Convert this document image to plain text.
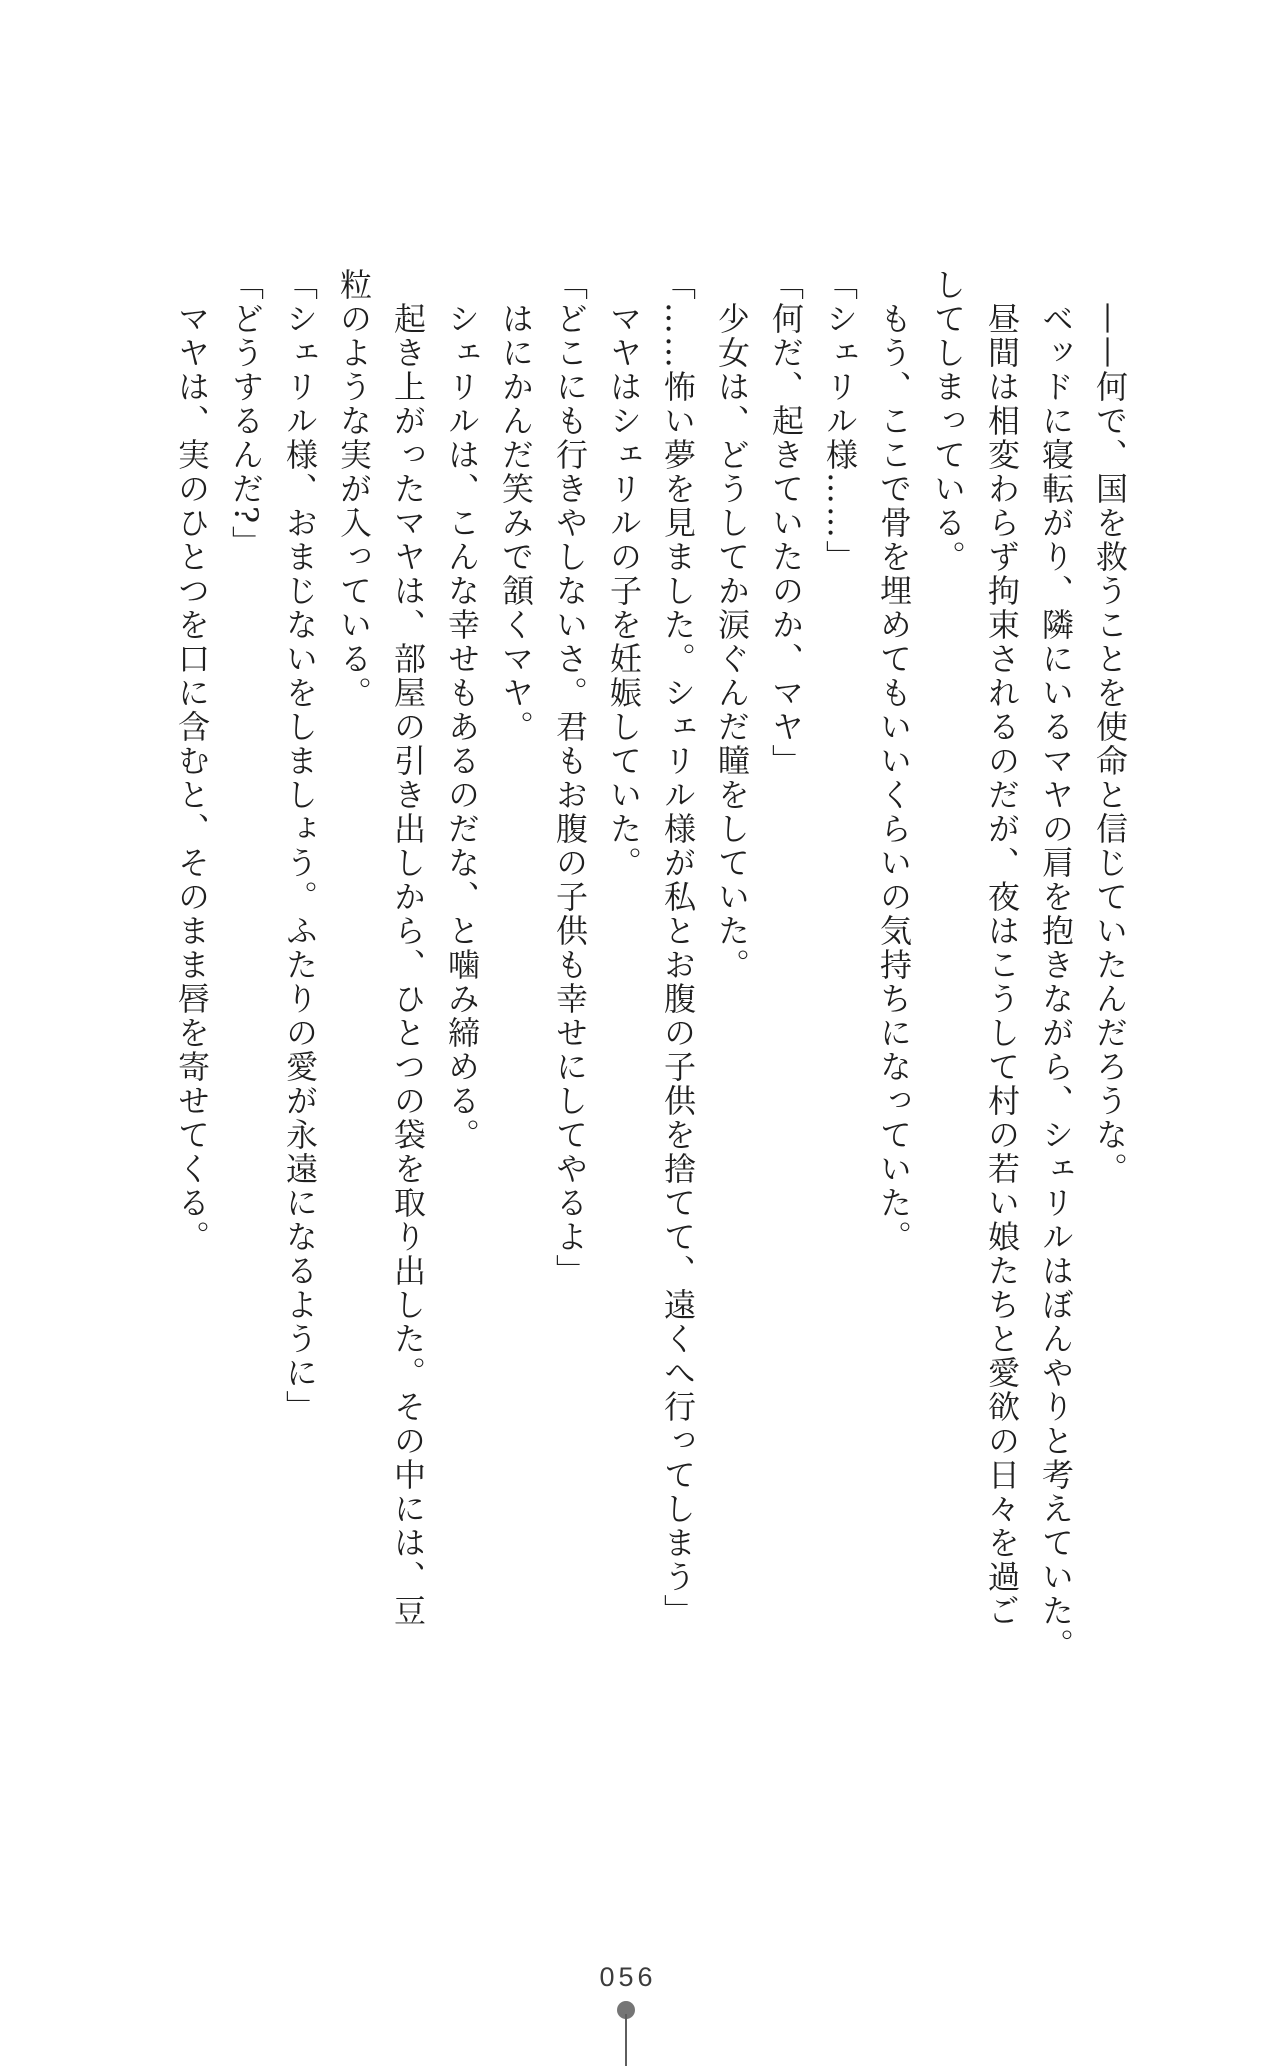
——何で、国を救うことを使命と信じていたんだろうな。

ベッドに寝転がり、隣にいるマヤの肩を抱きながら、シェリルはぼんやりと考えていた。

昼間は相変わらず拘束されるのだが、夜はこうして村の若い娘たちと愛欲の日々を過ご

してしまっている。

もう、ここで骨を埋めてもいいくらいの気持ちになっていた。

「シェリル様……」

「何だ、起きていたのか、マヤ」

少女は、どうしてか涙ぐんだ瞳をしていた。

「……怖い夢を見ました。シェリル様が私とお腹の子供を捨てて、遠くへ行ってしまう」

マヤはシェリルの子を妊娠していた。

「どこにも行きやしないさ。君もお腹の子供も幸せにしてやるよ」

はにかんだ笑みで頷くマヤ。

シェリルは、こんな幸せもあるのだな、と噛み締める。

起き上がったマヤは、部屋の引き出しから、ひとつの袋を取り出した。その中には、豆

粒のような実が入っている。

「シェリル様、おまじないをしましょう。ふたりの愛が永遠になるように」

「どうするんだ?」

マヤは、実のひとつを口に含むと、そのまま唇を寄せてくる。

056
